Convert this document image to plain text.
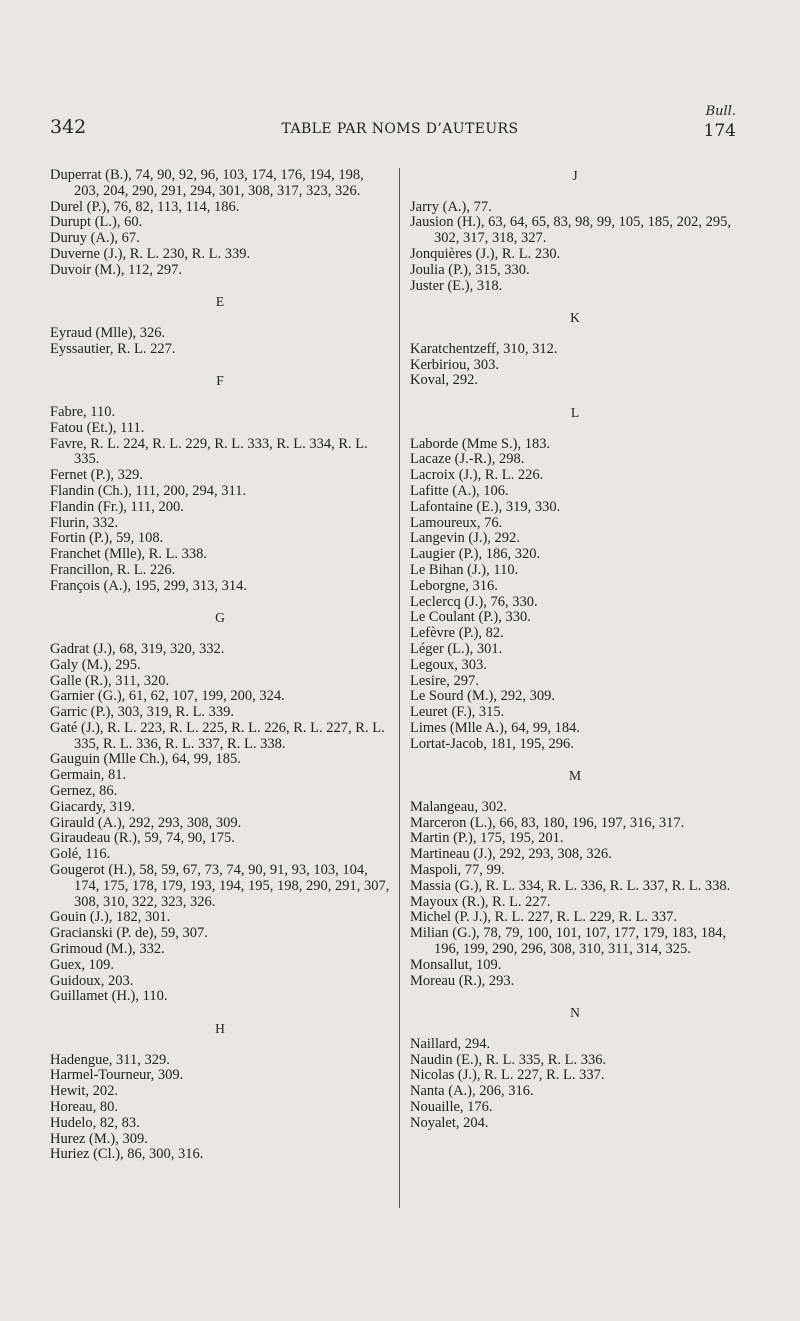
342	TABLE PAR NOMS D’AUTEURS
Bull.
174
Duperrat (B.), 74, 90, 92, 96, 103, 174, 176, 194, 198, 203, 204, 290, 291, 294, 301, 308, 317, 323, 326.
Durel (P.), 76, 82, 113, 114, 186.
Durupt (L.), 60.
Duruy (A.), 67.
Duverne (J.), R. L. 230, R. L. 339.
Duvoir (M.), 112, 297.
E
Eyraud (Mlle), 326.
Eyssautier, R. L. 227.
F
Fabre, 110.
Fatou (Et.), 111.
Favre, R. L. 224, R. L. 229, R. L. 333, R. L. 334, R. L. 335.
Fernet (P.), 329.
Flandin (Ch.), 111, 200, 294, 311.
Flandin (Fr.), 111, 200.
Flurin, 332.
Fortin (P.), 59, 108.
Franchet (Mlle), R. L. 338.
Francillon, R. L. 226.
François (A.), 195, 299, 313, 314.
G
Gadrat (J.), 68, 319, 320, 332.
Galy (M.), 295.
Galle (R.), 311, 320.
Garnier (G.), 61, 62, 107, 199, 200, 324.
Garric (P.), 303, 319, R. L. 339.
Gaté (J.), R. L. 223, R. L. 225, R. L. 226, R. L. 227, R. L. 335, R. L. 336, R. L. 337, R. L. 338.
Gauguin (Mlle Ch.), 64, 99, 185.
Germain, 81.
Gernez, 86.
Giacardy, 319.
Girauld (A.), 292, 293, 308, 309.
Giraudeau (R.), 59, 74, 90, 175.
Golé, 116.
Gougerot (H.), 58, 59, 67, 73, 74, 90, 91, 93, 103, 104, 174, 175, 178, 179, 193, 194, 195, 198, 290, 291, 307, 308, 310, 322, 323, 326.
Gouin (J.), 182, 301.
Gracianski (P. de), 59, 307.
Grimoud (M.), 332.
Guex, 109.
Guidoux, 203.
Guillamet (H.), 110.
H
Hadengue, 311, 329.
Harmel-Tourneur, 309.
Hewit, 202.
Horeau, 80.
Hudelo, 82, 83.
Hurez (M.), 309.
Huriez (Cl.), 86, 300, 316.
J
Jarry (A.), 77.
Jausion (H.), 63, 64, 65, 83, 98, 99, 105, 185, 202, 295, 302, 317, 318, 327.
Jonquières (J.), R. L. 230.
Joulia (P.), 315, 330.
Juster (E.), 318.
K
Karatchentzeff, 310, 312.
Kerbiriou, 303.
Koval, 292.
L
Laborde (Mme S.), 183.
Lacaze (J.-R.), 298.
Lacroix (J.), R. L. 226.
Lafitte (A.), 106.
Lafontaine (E.), 319, 330.
Lamoureux, 76.
Langevin (J.), 292.
Laugier (P.), 186, 320.
Le Bihan (J.), 110.
Leborgne, 316.
Leclercq (J.), 76, 330.
Le Coulant (P.), 330.
Lefèvre (P.), 82.
Léger (L.), 301.
Legoux, 303.
Lesire, 297.
Le Sourd (M.), 292, 309.
Leuret (F.), 315.
Limes (Mlle A.), 64, 99, 184.
Lortat-Jacob, 181, 195, 296.
M
Malangeau, 302.
Marceron (L.), 66, 83, 180, 196, 197, 316, 317.
Martin (P.), 175, 195, 201.
Martineau (J.), 292, 293, 308, 326.
Maspoli, 77, 99.
Massia (G.), R. L. 334, R. L. 336, R. L. 337, R. L. 338.
Mayoux (R.), R. L. 227.
Michel (P. J.), R. L. 227, R. L. 229, R. L. 337.
Milian (G.), 78, 79, 100, 101, 107, 177, 179, 183, 184, 196, 199, 290, 296, 308, 310, 311, 314, 325.
Monsallut, 109.
Moreau (R.), 293.
N
Naillard, 294.
Naudin (E.), R. L. 335, R. L. 336.
Nicolas (J.), R. L. 227, R. L. 337.
Nanta (A.), 206, 316.
Nouaille, 176.
Noyalet, 204.
